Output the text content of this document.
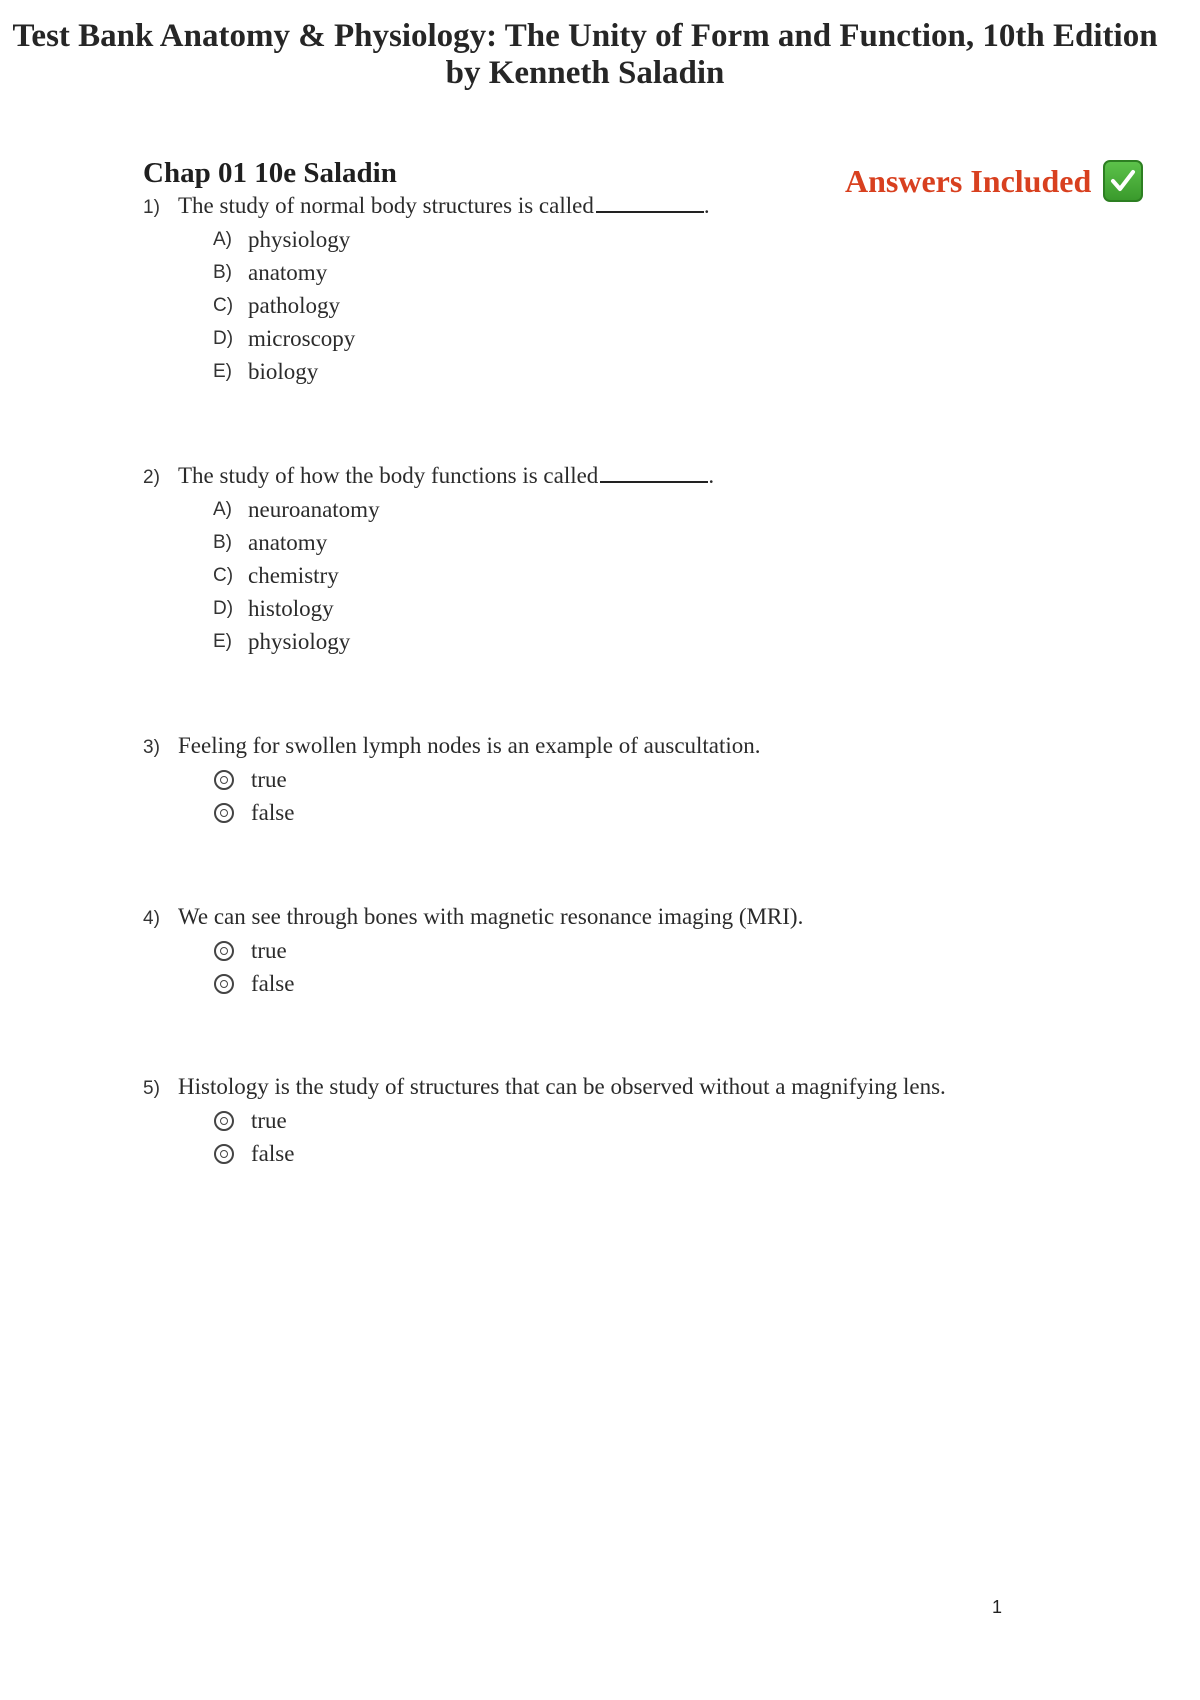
Test Bank Anatomy & Physiology: The Unity of Form and Function, 10th Edition
by Kenneth Saladin
Chap 01 10e Saladin	Answers Included
1) The study of normal body structures is called	.
A) physiology
B) anatomy
C) pathology
D) microscopy
E) biology
2) The study of how the body functions is called	.
A) neuroanatomy
B) anatomy
C) chemistry
D) histology
E) physiology
3) Feeling for swollen lymph nodes is an example of auscultation.
true
false
4) We can see through bones with magnetic resonance imaging (MRI).
true
false
5) Histology is the study of structures that can be observed without a magnifying lens.
true
false
1
